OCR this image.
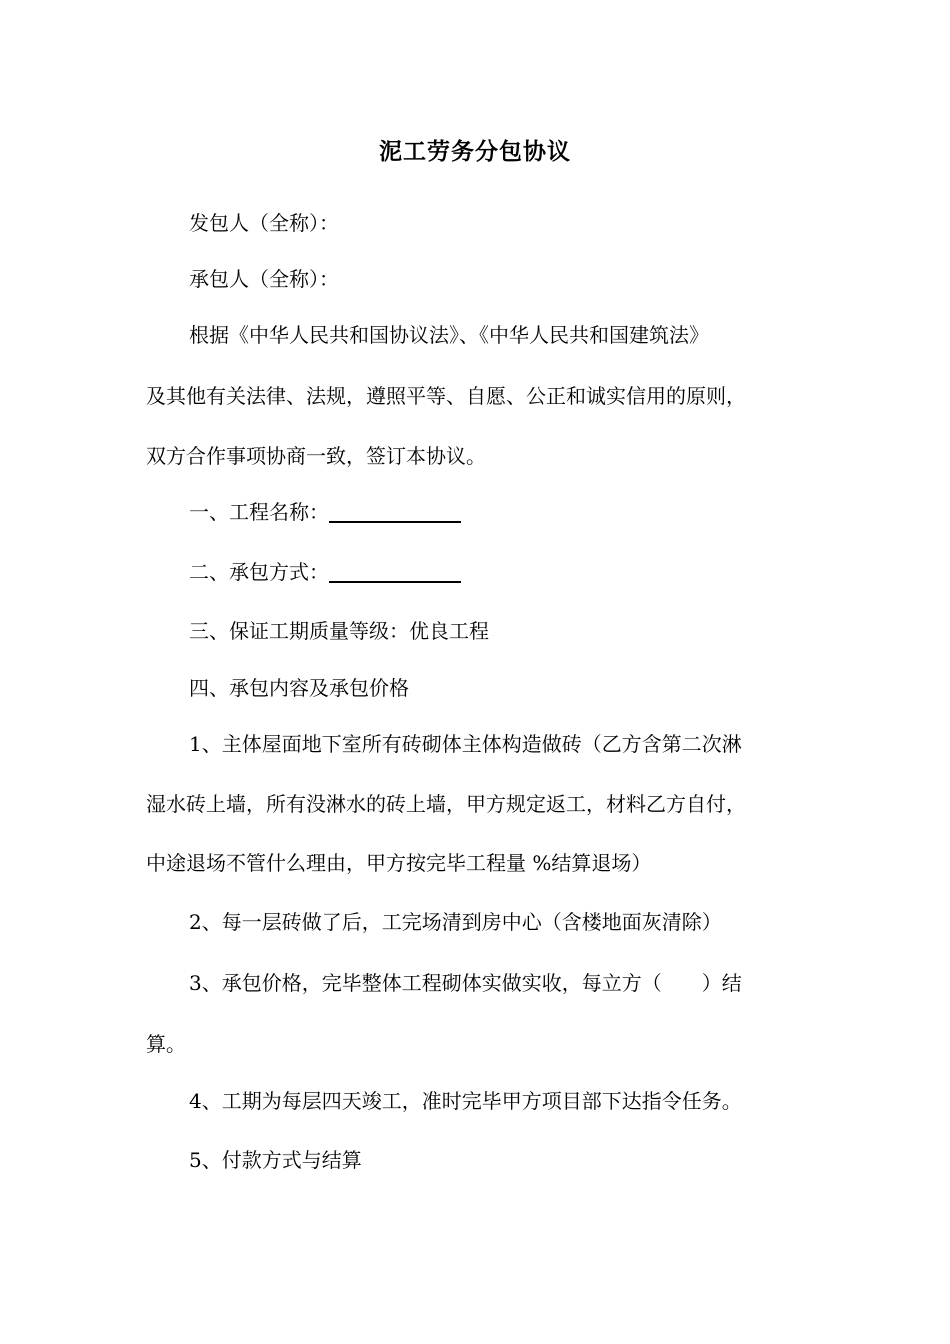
泥工劳务分包协议
发包人（全称）：
承包人（全称）：
根据《中华人民共和国协议法》、《中华人民共和国建筑法》
及其他有关法律、法规，遵照平等、自愿、公正和诚实信用的原则，
双方合作事项协商一致，签订本协议。
一、工程名称：
二、承包方式：
三、保证工期质量等级：优良工程
四、承包内容及承包价格
1、主体屋面地下室所有砖砌体主体构造做砖（乙方含第二次淋
湿水砖上墙，所有没淋水的砖上墙，甲方规定返工，材料乙方自付，
中途退场不管什么理由，甲方按完毕工程量 %结算退场）
2、每一层砖做了后，工完场清到房中心（含楼地面灰清除）
3、承包价格，完毕整体工程砌体实做实收，每立方（　　）结
算。
4、工期为每层四天竣工，准时完毕甲方项目部下达指令任务。
5、付款方式与结算
